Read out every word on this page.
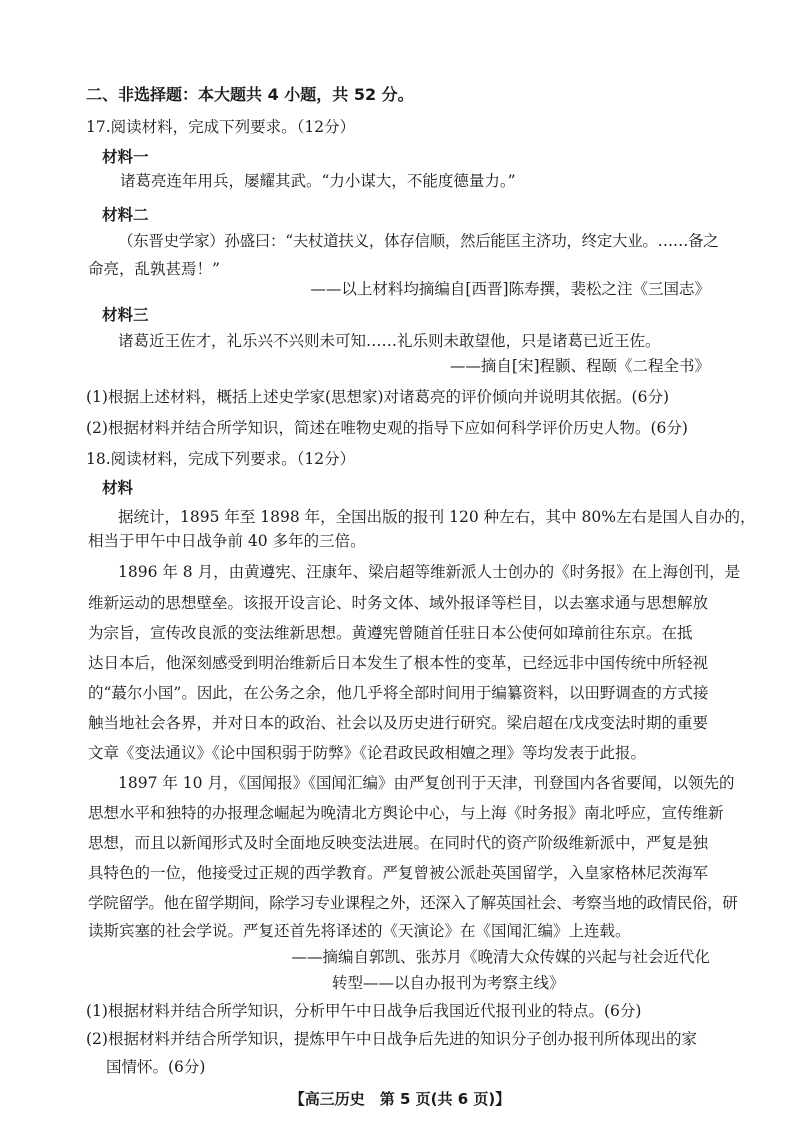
二、非选择题：本大题共 4 小题，共 52 分。
17.阅读材料，完成下列要求。（12分）
材料一
诸葛亮连年用兵，屡耀其武。“力小谋大，不能度德量力。”
材料二
（东晋史学家）孙盛曰：“夫杖道扶义，体存信顺，然后能匡主济功，终定大业。……备之
命亮，乱孰甚焉！”
——以上材料均摘编自[西晋]陈寿撰，裴松之注《三国志》
材料三
诸葛近王佐才，礼乐兴不兴则未可知……礼乐则未敢望他，只是诸葛已近王佐。
——摘自[宋]程颢、程颐《二程全书》
(1)根据上述材料，概括上述史学家(思想家)对诸葛亮的评价倾向并说明其依据。(6分)
(2)根据材料并结合所学知识，简述在唯物史观的指导下应如何科学评价历史人物。(6分)
18.阅读材料，完成下列要求。（12分）
材料
据统计，1895 年至 1898 年，全国出版的报刊 120 种左右，其中 80%左右是国人自办的，
相当于甲午中日战争前 40 多年的三倍。
1896 年 8 月，由黄遵宪、汪康年、梁启超等维新派人士创办的《时务报》在上海创刊，是
维新运动的思想壁垒。该报开设言论、时务文体、域外报译等栏目，以去塞求通与思想解放
为宗旨，宣传改良派的变法维新思想。黄遵宪曾随首任驻日本公使何如璋前往东京。在抵
达日本后，他深刻感受到明治维新后日本发生了根本性的变革，已经远非中国传统中所轻视
的“蕞尔小国”。因此，在公务之余，他几乎将全部时间用于编纂资料，以田野调查的方式接
触当地社会各界，并对日本的政治、社会以及历史进行研究。梁启超在戊戌变法时期的重要
文章《变法通议》《论中国积弱于防弊》《论君政民政相嬗之理》等均发表于此报。
1897 年 10 月，《国闻报》《国闻汇编》由严复创刊于天津，刊登国内各省要闻，以领先的
思想水平和独特的办报理念崛起为晚清北方舆论中心，与上海《时务报》南北呼应，宣传维新
思想，而且以新闻形式及时全面地反映变法进展。在同时代的资产阶级维新派中，严复是独
具特色的一位，他接受过正规的西学教育。严复曾被公派赴英国留学，入皇家格林尼茨海军
学院留学。他在留学期间，除学习专业课程之外，还深入了解英国社会、考察当地的政情民俗，研
读斯宾塞的社会学说。严复还首先将译述的《天演论》在《国闻汇编》上连载。
——摘编自郭凯、张苏月《晚清大众传媒的兴起与社会近代化
转型——以自办报刊为考察主线》
(1)根据材料并结合所学知识，分析甲午中日战争后我国近代报刊业的特点。(6分)
(2)根据材料并结合所学知识，提炼甲午中日战争后先进的知识分子创办报刊所体现出的家
国情怀。(6分)
【高三历史　第 5 页(共 6 页)】
